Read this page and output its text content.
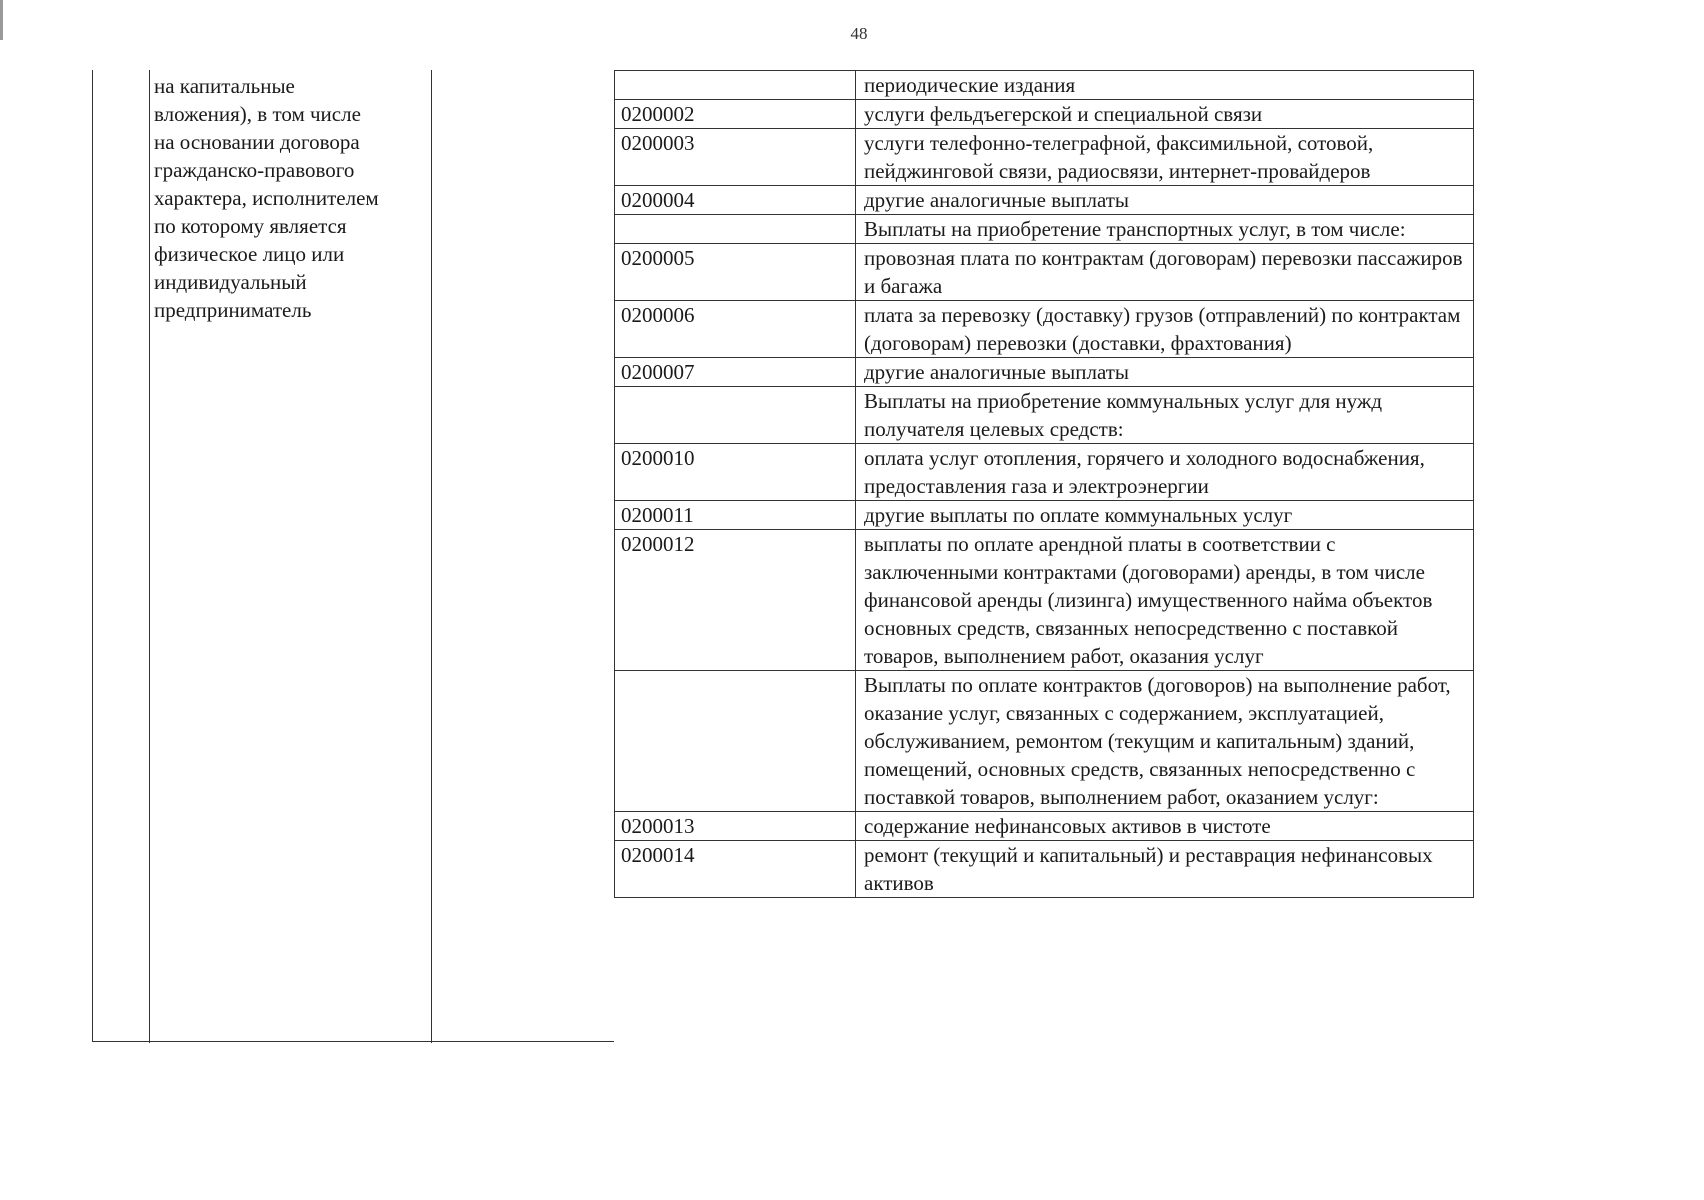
48
на капитальные
вложения), в том числе
на основании договора
гражданско-правового
характера, исполнителем
по которому является
физическое лицо или
индивидуальный
предприниматель
	периодические издания
0200002	услуги фельдъегерской и специальной связи
0200003	услуги телефонно-телеграфной, факсимильной, сотовой, пейджинговой связи, радиосвязи, интернет-провайдеров
0200004	другие аналогичные выплаты
	Выплаты на приобретение транспортных услуг, в том числе:
0200005	провозная плата по контрактам (договорам) перевозки пассажиров и багажа
0200006	плата за перевозку (доставку) грузов (отправлений) по контрактам (договорам) перевозки (доставки, фрахтования)
0200007	другие аналогичные выплаты
	Выплаты на приобретение коммунальных услуг для нужд получателя целевых средств:
0200010	оплата услуг отопления, горячего и холодного водоснабжения, предоставления газа и электроэнергии
0200011	другие выплаты по оплате коммунальных услуг
0200012	выплаты по оплате арендной платы в соответствии с заключенными контрактами (договорами) аренды, в том числе финансовой аренды (лизинга) имущественного найма объектов основных средств, связанных непосредственно с поставкой товаров, выполнением работ, оказания услуг
	Выплаты по оплате контрактов (договоров) на выполнение работ, оказание услуг, связанных с содержанием, эксплуатацией, обслуживанием, ремонтом (текущим и капитальным) зданий, помещений, основных средств, связанных непосредственно с поставкой товаров, выполнением работ, оказанием услуг:
0200013	содержание нефинансовых активов в чистоте
0200014	ремонт (текущий и капитальный) и реставрация нефинансовых активов
